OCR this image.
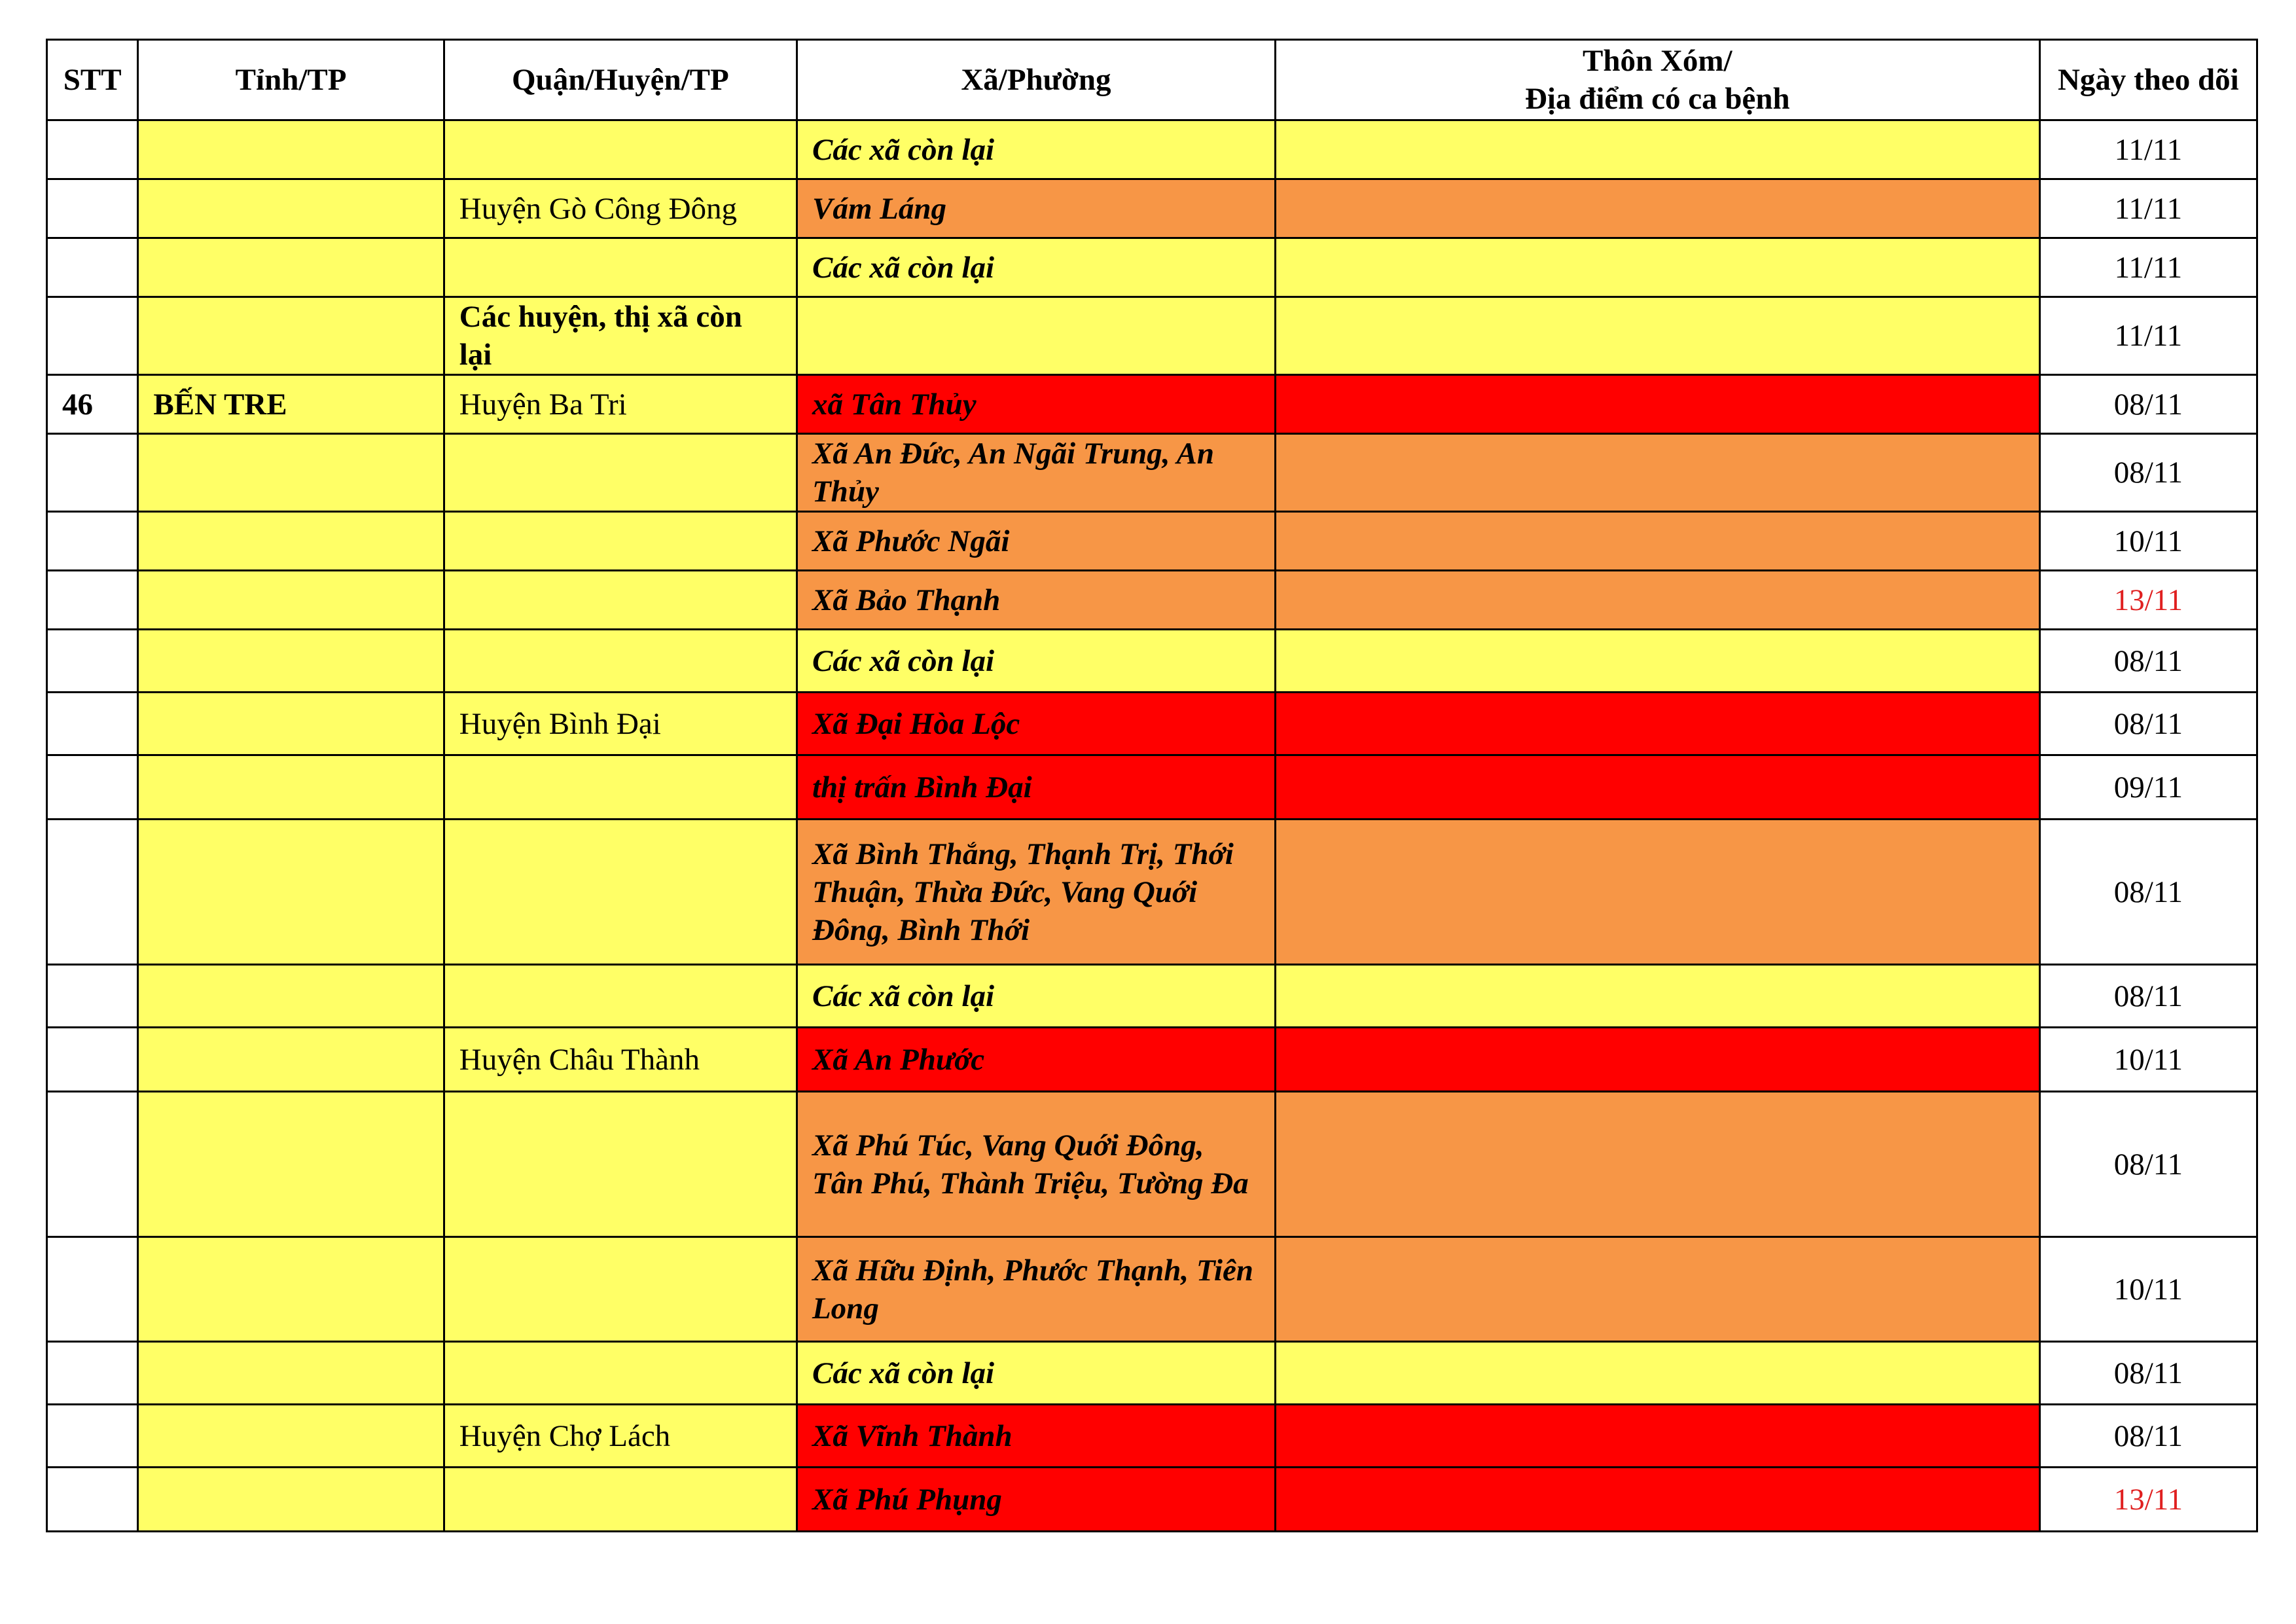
STT	Tỉnh/TP	Quận/Huyện/TP	Xã/Phường	Thôn Xóm/
Địa điểm có ca bệnh	Ngày theo dõi
			Các xã còn lại		11/11
		Huyện Gò Công Đông	Vám Láng		11/11
			Các xã còn lại		11/11
		Các huyện, thị xã còn lại			11/11
46	BẾN TRE	Huyện Ba Tri	xã Tân Thủy		08/11
			Xã An Đức, An Ngãi Trung, An Thủy		08/11
			Xã Phước Ngãi		10/11
			Xã Bảo Thạnh		13/11
			Các xã còn lại		08/11
		Huyện Bình Đại	Xã Đại Hòa Lộc		08/11
			thị trấn Bình Đại		09/11
			Xã Bình Thắng, Thạnh Trị, Thới Thuận, Thừa Đức, Vang Quới Đông, Bình Thới		08/11
			Các xã còn lại		08/11
		Huyện Châu Thành	Xã An Phước		10/11
			Xã Phú Túc, Vang Quới Đông, Tân Phú, Thành Triệu, Tường Đa		08/11
			Xã Hữu Định, Phước Thạnh, Tiên Long		10/11
			Các xã còn lại		08/11
		Huyện Chợ Lách	Xã Vĩnh Thành		08/11
			Xã Phú Phụng		13/11
